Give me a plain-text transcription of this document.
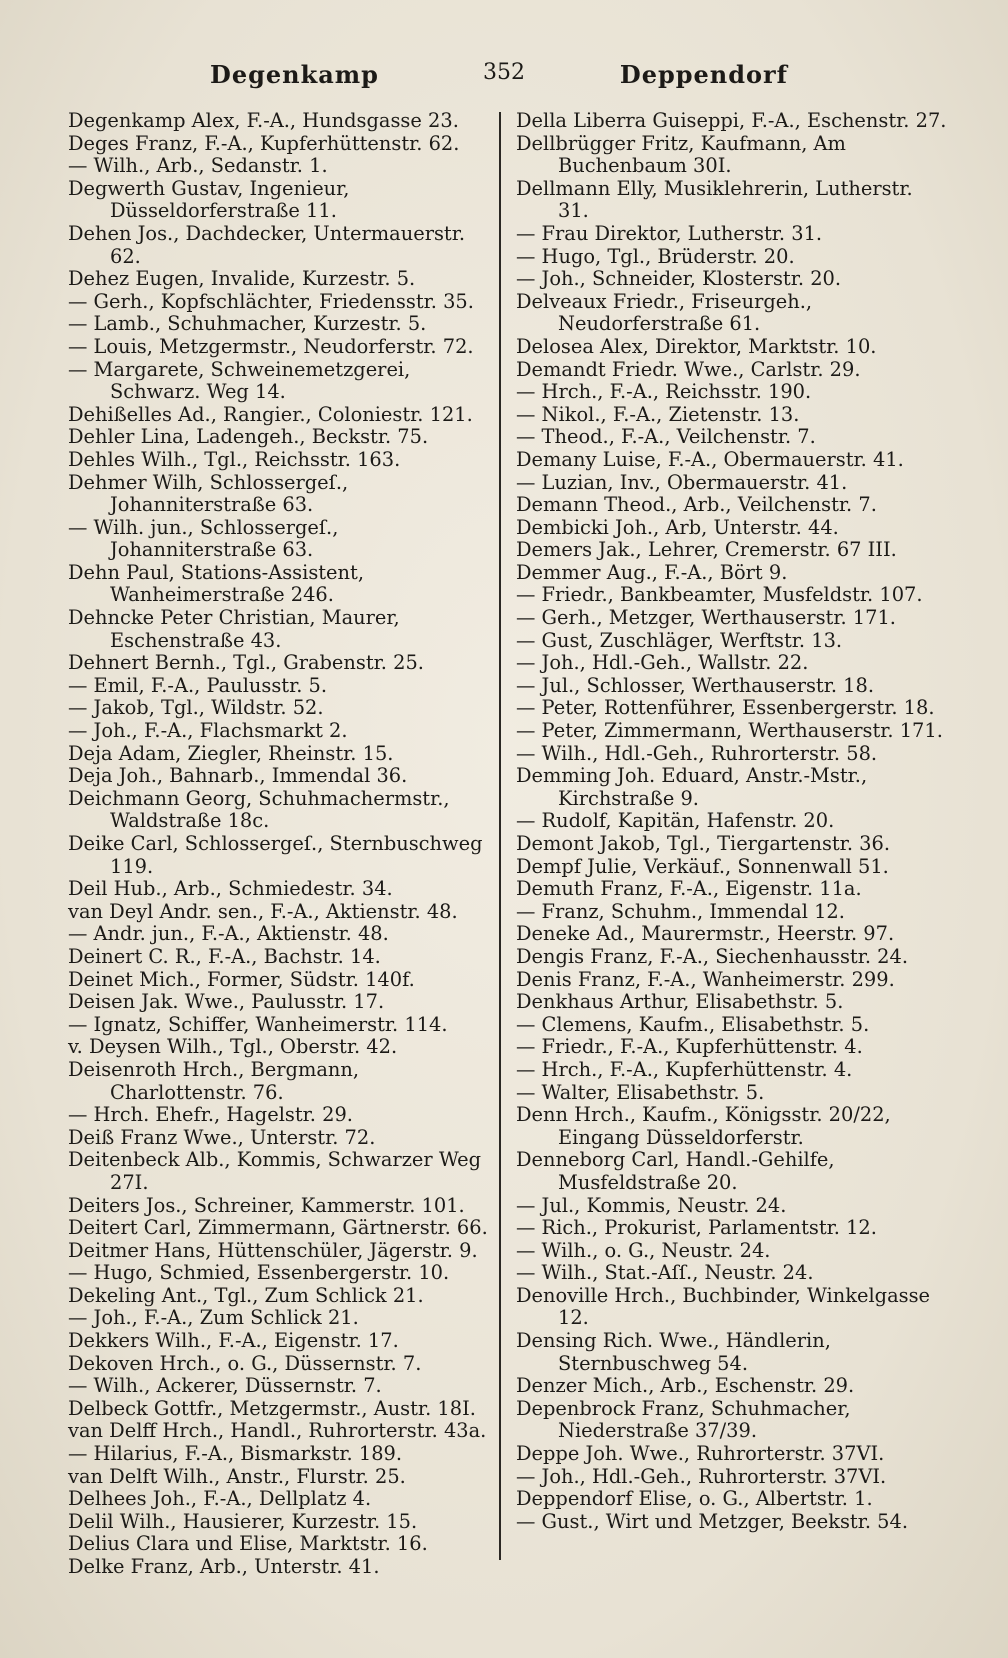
Degenkamp	352	Deppendorf
Degenkamp Alex, F.-A., Hundsgasse 23.
Deges Franz, F.-A., Kupferhüttenstr. 62.
— Wilh., Arb., Sedanstr. 1.
Degwerth Gustav, Ingenieur, Düsseldorferstraße 11.
Dehen Jos., Dachdecker, Untermauerstr. 62.
Dehez Eugen, Invalide, Kurzestr. 5.
— Gerh., Kopfschlächter, Friedensstr. 35.
— Lamb., Schuhmacher, Kurzestr. 5.
— Louis, Metzgermstr., Neudorferstr. 72.
— Margarete, Schweinemetzgerei, Schwarz. Weg 14.
Dehißelles Ad., Rangier., Coloniestr. 121.
Dehler Lina, Ladengeh., Beckstr. 75.
Dehles Wilh., Tgl., Reichsstr. 163.
Dehmer Wilh, Schlossergeſ., Johanniterstraße 63.
— Wilh. jun., Schlossergeſ., Johanniterstraße 63.
Dehn Paul, Stations-Assistent, Wanheimerstraße 246.
Dehncke Peter Christian, Maurer, Eschenstraße 43.
Dehnert Bernh., Tgl., Grabenstr. 25.
— Emil, F.-A., Paulusstr. 5.
— Jakob, Tgl., Wildstr. 52.
— Joh., F.-A., Flachsmarkt 2.
Deja Adam, Ziegler, Rheinstr. 15.
Deja Joh., Bahnarb., Immendal 36.
Deichmann Georg, Schuhmachermstr., Waldstraße 18c.
Deike Carl, Schlossergeſ., Sternbuschweg 119.
Deil Hub., Arb., Schmiedestr. 34.
van Deyl Andr. sen., F.-A., Aktienstr. 48.
— Andr. jun., F.-A., Aktienstr. 48.
Deinert C. R., F.-A., Bachstr. 14.
Deinet Mich., Former, Südstr. 140f.
Deisen Jak. Wwe., Paulusstr. 17.
— Ignatz, Schiffer, Wanheimerstr. 114.
v. Deysen Wilh., Tgl., Oberstr. 42.
Deisenroth Hrch., Bergmann, Charlottenstr. 76.
— Hrch. Ehefr., Hagelstr. 29.
Deiß Franz Wwe., Unterstr. 72.
Deitenbeck Alb., Kommis, Schwarzer Weg 27I.
Deiters Jos., Schreiner, Kammerstr. 101.
Deitert Carl, Zimmermann, Gärtnerstr. 66.
Deitmer Hans, Hüttenschüler, Jägerstr. 9.
— Hugo, Schmied, Essenbergerstr. 10.
Dekeling Ant., Tgl., Zum Schlick 21.
— Joh., F.-A., Zum Schlick 21.
Dekkers Wilh., F.-A., Eigenstr. 17.
Dekoven Hrch., o. G., Düssernstr. 7.
— Wilh., Ackerer, Düssernstr. 7.
Delbeck Gottfr., Metzgermstr., Austr. 18I.
van Delff Hrch., Handl., Ruhrorterstr. 43a.
— Hilarius, F.-A., Bismarkstr. 189.
van Delft Wilh., Anstr., Flurstr. 25.
Delhees Joh., F.-A., Dellplatz 4.
Delil Wilh., Hausierer, Kurzestr. 15.
Delius Clara und Elise, Marktstr. 16.
Delke Franz, Arb., Unterstr. 41.
Della Liberra Guiseppi, F.-A., Eschenstr. 27.
Dellbrügger Fritz, Kaufmann, Am Buchenbaum 30I.
Dellmann Elly, Musiklehrerin, Lutherstr. 31.
— Frau Direktor, Lutherstr. 31.
— Hugo, Tgl., Brüderstr. 20.
— Joh., Schneider, Klosterstr. 20.
Delveaux Friedr., Friseurgeh., Neudorferstraße 61.
Delosea Alex, Direktor, Marktstr. 10.
Demandt Friedr. Wwe., Carlstr. 29.
— Hrch., F.-A., Reichsstr. 190.
— Nikol., F.-A., Zietenstr. 13.
— Theod., F.-A., Veilchenstr. 7.
Demany Luise, F.-A., Obermauerstr. 41.
— Luzian, Inv., Obermauerstr. 41.
Demann Theod., Arb., Veilchenstr. 7.
Dembicki Joh., Arb, Unterstr. 44.
Demers Jak., Lehrer, Cremerstr. 67 III.
Demmer Aug., F.-A., Bört 9.
— Friedr., Bankbeamter, Musfeldstr. 107.
— Gerh., Metzger, Werthauserstr. 171.
— Gust, Zuschläger, Werftstr. 13.
— Joh., Hdl.-Geh., Wallstr. 22.
— Jul., Schlosser, Werthauserstr. 18.
— Peter, Rottenführer, Essenbergerstr. 18.
— Peter, Zimmermann, Werthauserstr. 171.
— Wilh., Hdl.-Geh., Ruhrorterstr. 58.
Demming Joh. Eduard, Anstr.-Mstr., Kirchstraße 9.
— Rudolf, Kapitän, Hafenstr. 20.
Demont Jakob, Tgl., Tiergartenstr. 36.
Dempf Julie, Verkäuf., Sonnenwall 51.
Demuth Franz, F.-A., Eigenstr. 11a.
— Franz, Schuhm., Immendal 12.
Deneke Ad., Maurermstr., Heerstr. 97.
Dengis Franz, F.-A., Siechenhausstr. 24.
Denis Franz, F.-A., Wanheimerstr. 299.
Denkhaus Arthur, Elisabethstr. 5.
— Clemens, Kaufm., Elisabethstr. 5.
— Friedr., F.-A., Kupferhüttenstr. 4.
— Hrch., F.-A., Kupferhüttenstr. 4.
— Walter, Elisabethstr. 5.
Denn Hrch., Kaufm., Königsstr. 20/22, Eingang Düsseldorferstr.
Denneborg Carl, Handl.-Gehilfe, Musfeldstraße 20.
— Jul., Kommis, Neustr. 24.
— Rich., Prokurist, Parlamentstr. 12.
— Wilh., o. G., Neustr. 24.
— Wilh., Stat.-Aſſ., Neustr. 24.
Denoville Hrch., Buchbinder, Winkelgasse 12.
Densing Rich. Wwe., Händlerin, Sternbuschweg 54.
Denzer Mich., Arb., Eschenstr. 29.
Depenbrock Franz, Schuhmacher, Niederstraße 37/39.
Deppe Joh. Wwe., Ruhrorterstr. 37VI.
— Joh., Hdl.-Geh., Ruhrorterstr. 37VI.
Deppendorf Elise, o. G., Albertstr. 1.
— Gust., Wirt und Metzger, Beekstr. 54.
